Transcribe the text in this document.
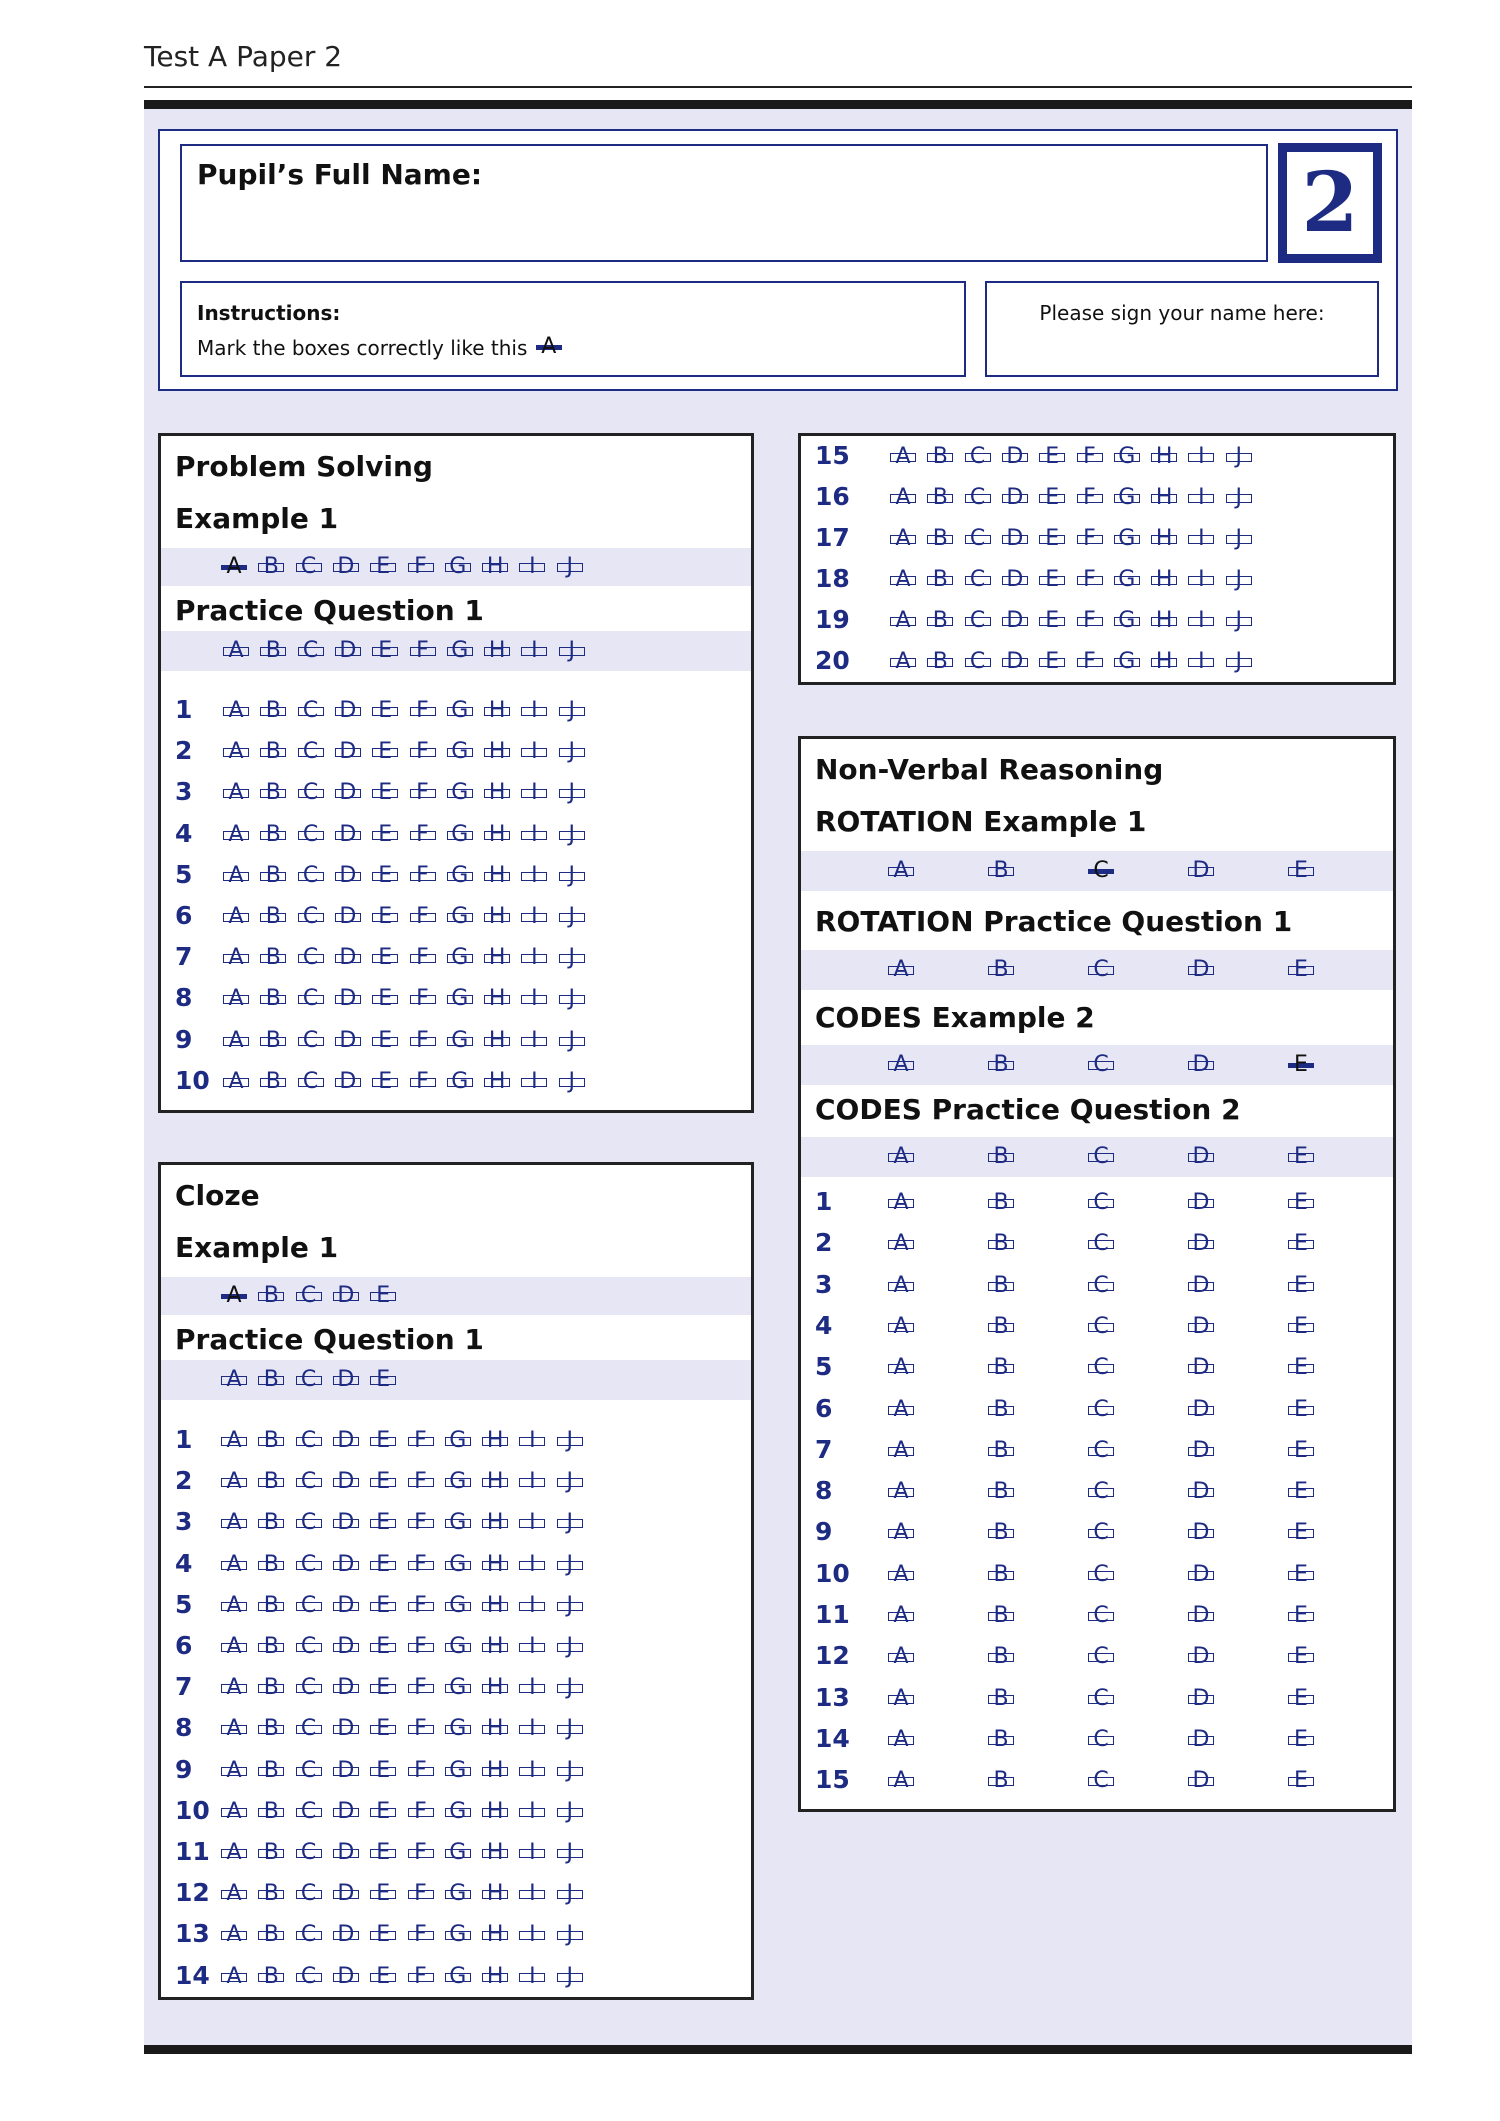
Test A Paper 2
Pupil’s Full Name:	2
Instructions:
Mark the boxes correctly like this A
Please sign your name here:
Problem Solving
Example 1
Practice Question 1
A	B	C D E	F	G H	I	J
A	B	C D E	F	G H	I	J
1	A	B	C D E	F	G H	I	J
2	A	B	C D E	F	G H	I	J
3	A	B	C D E	F	G H	I	J
4	A	B	C D E	F	G H	I	J
5	A	B	C D E	F	G H	I	J
6	A	B	C D E	F	G H	I	J
7	A	B	C D E	F	G H	I	J
8	A	B	C D E	F	G H	I	J
9	A	B	C D E	F	G H	I	J
10 A	B	C D E	F	G H	I	J
15	A	B	C D E	F	G H	I	J
16	A	B	C D E	F	G H	I	J
17	A	B	C D E	F	G H	I	J
18	A	B	C D E	F	G H	I	J
19	A	B	C D E	F	G H	I	J
20	A	B	C D E	F	G H	I	J
Cloze
Example 1
Practice Question 1
A	B	C D E
A	B	C D E
1	A	B	C D E	F	G H	I	J
2	A	B	C D E	F	G H	I	J
3	A	B	C D E	F	G H	I	J
4	A	B	C D E	F	G H	I	J
5	A	B	C D E	F	G H	I	J
6	A	B	C D E	F	G H	I	J
7	A	B	C D E	F	G H	I	J
8	A	B	C D E	F	G H	I	J
9	A	B	C D E	F	G H	I	J
10 A	B	C D E	F	G H	I	J
11 A	B	C D E	F	G H	I	J
12 A	B	C D E	F	G H	I	J
13 A	B	C D E	F	G H	I	J
14 A	B	C D E	F	G H	I	J
Non-Verbal Reasoning
ROTATION Example 1
ROTATION Practice Question 1
CODES Example 2
CODES Practice Question 2
A	B	C	D	E
A	B	C	D	E
A	B	C	D	E
A	B	C	D	E
1	A	B	C	D	E
2	A	B	C	D	E
3	A	B	C	D	E
4	A	B	C	D	E
5	A	B	C	D	E
6	A	B	C	D	E
7	A	B	C	D	E
8	A	B	C	D	E
9	A	B	C	D	E
10	A	B	C	D	E
11	A	B	C	D	E
12	A	B	C	D	E
13	A	B	C	D	E
14	A	B	C	D	E
15	A	B	C	D	E
